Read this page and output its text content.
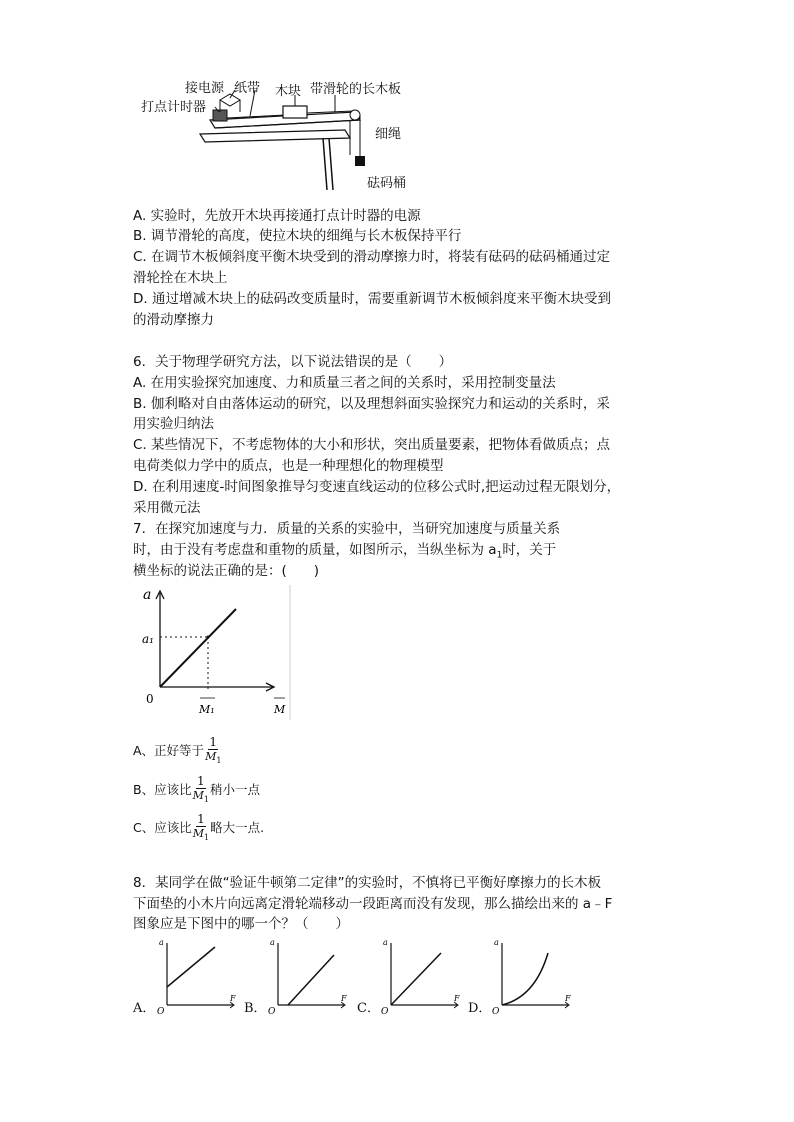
接电源 纸带 木块 带滑轮的长木板
打点计时器
细绳
砝码桶
A. 实验时，先放开木块再接通打点计时器的电源
B. 调节滑轮的高度，使拉木块的细绳与长木板保持平行
C. 在调节木板倾斜度平衡木块受到的滑动摩擦力时，将装有砝码的砝码桶通过定
滑轮拴在木块上
D. 通过增减木块上的砝码改变质量时，需要重新调节木板倾斜度来平衡木块受到
的滑动摩擦力
6．关于物理学研究方法，以下说法错误的是（　　）
A. 在用实验探究加速度、力和质量三者之间的关系时，采用控制变量法
B. 伽利略对自由落体运动的研究，以及理想斜面实验探究力和运动的关系时，采
用实验归纳法
C. 某些情况下，不考虑物体的大小和形状，突出质量要素，把物体看做质点；点
电荷类似力学中的质点，也是一种理想化的物理模型
D. 在利用速度-时间图象推导匀变速直线运动的位移公式时,把运动过程无限划分，
采用微元法
7．在探究加速度与力．质量的关系的实验中，当研究加速度与质量关系
时，由于没有考虑盘和重物的质量，如图所示，当纵坐标为 $a_1$时，关于
横坐标的说法正确的是：(　　)
a
a₁
0
M₁	M
A、正好等于 $\frac{1}{M_1}$
B、应该比 $\frac{1}{M_1}$ 稍小一点
C、应该比 $\frac{1}{M_1}$ 略大一点.
8．某同学在做“验证牛顿第二定律”的实验时，不慎将已平衡好摩擦力的长木板
下面垫的小木片向远离定滑轮端移动一段距离而没有发现，那么描绘出来的 a﹣F
图象应是下图中的哪一个？（　　）
A．
a
F
O	B．
a
F
O	C．
a
F
O	D．
a
F
O
